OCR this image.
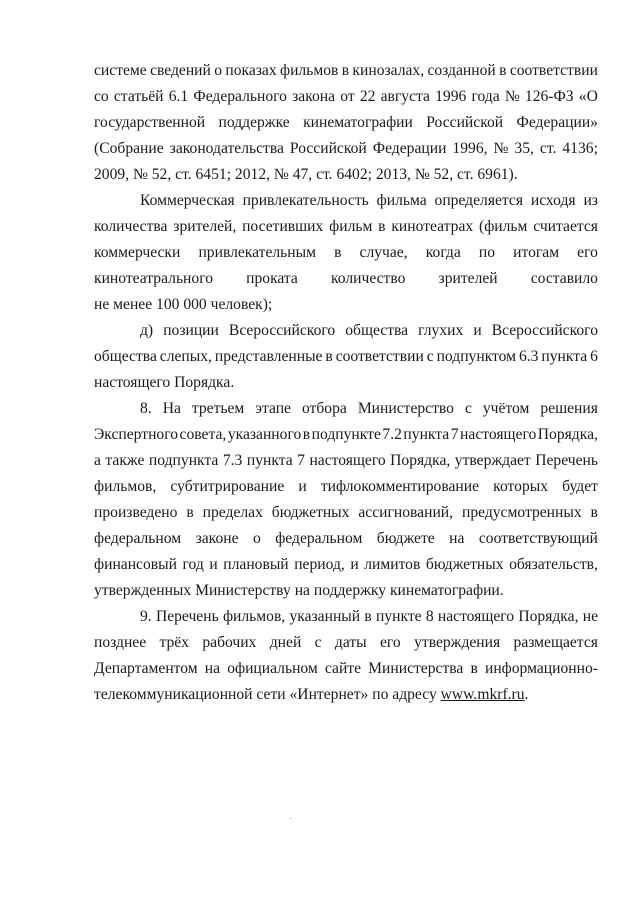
системе сведений о показах фильмов в кинозалах, созданной в соответствии
со статьёй 6.1 Федерального закона от 22 августа 1996 года № 126-ФЗ «О
государственной поддержке кинематографии Российской Федерации»
(Собрание законодательства Российской Федерации 1996, № 35, ст. 4136;
2009, № 52, ст. 6451; 2012, № 47, ст. 6402; 2013, № 52, ст. 6961).
Коммерческая привлекательность фильма определяется исходя из
количества зрителей, посетивших фильм в кинотеатрах (фильм считается
коммерчески привлекательным в случае, когда по итогам его
кинотеатрального проката количество зрителей составило
не менее 100 000 человек);
д) позиции Всероссийского общества глухих и Всероссийского
общества слепых, представленные в соответствии с подпунктом 6.3 пункта 6
настоящего Порядка.
8. На третьем этапе отбора Министерство с учётом решения
Экспертного совета, указанного в подпункте 7.2 пункта 7 настоящего Порядка,
а также подпункта 7.3 пункта 7 настоящего Порядка, утверждает Перечень
фильмов, субтитрирование и тифлокомментирование которых будет
произведено в пределах бюджетных ассигнований, предусмотренных в
федеральном законе о федеральном бюджете на соответствующий
финансовый год и плановый период, и лимитов бюджетных обязательств,
утвержденных Министерству на поддержку кинематографии.
9. Перечень фильмов, указанный в пункте 8 настоящего Порядка, не
позднее трёх рабочих дней с даты его утверждения размещается
Департаментом на официальном сайте Министерства в информационно-
телекоммуникационной сети «Интернет» по адресу www.mkrf.ru .
